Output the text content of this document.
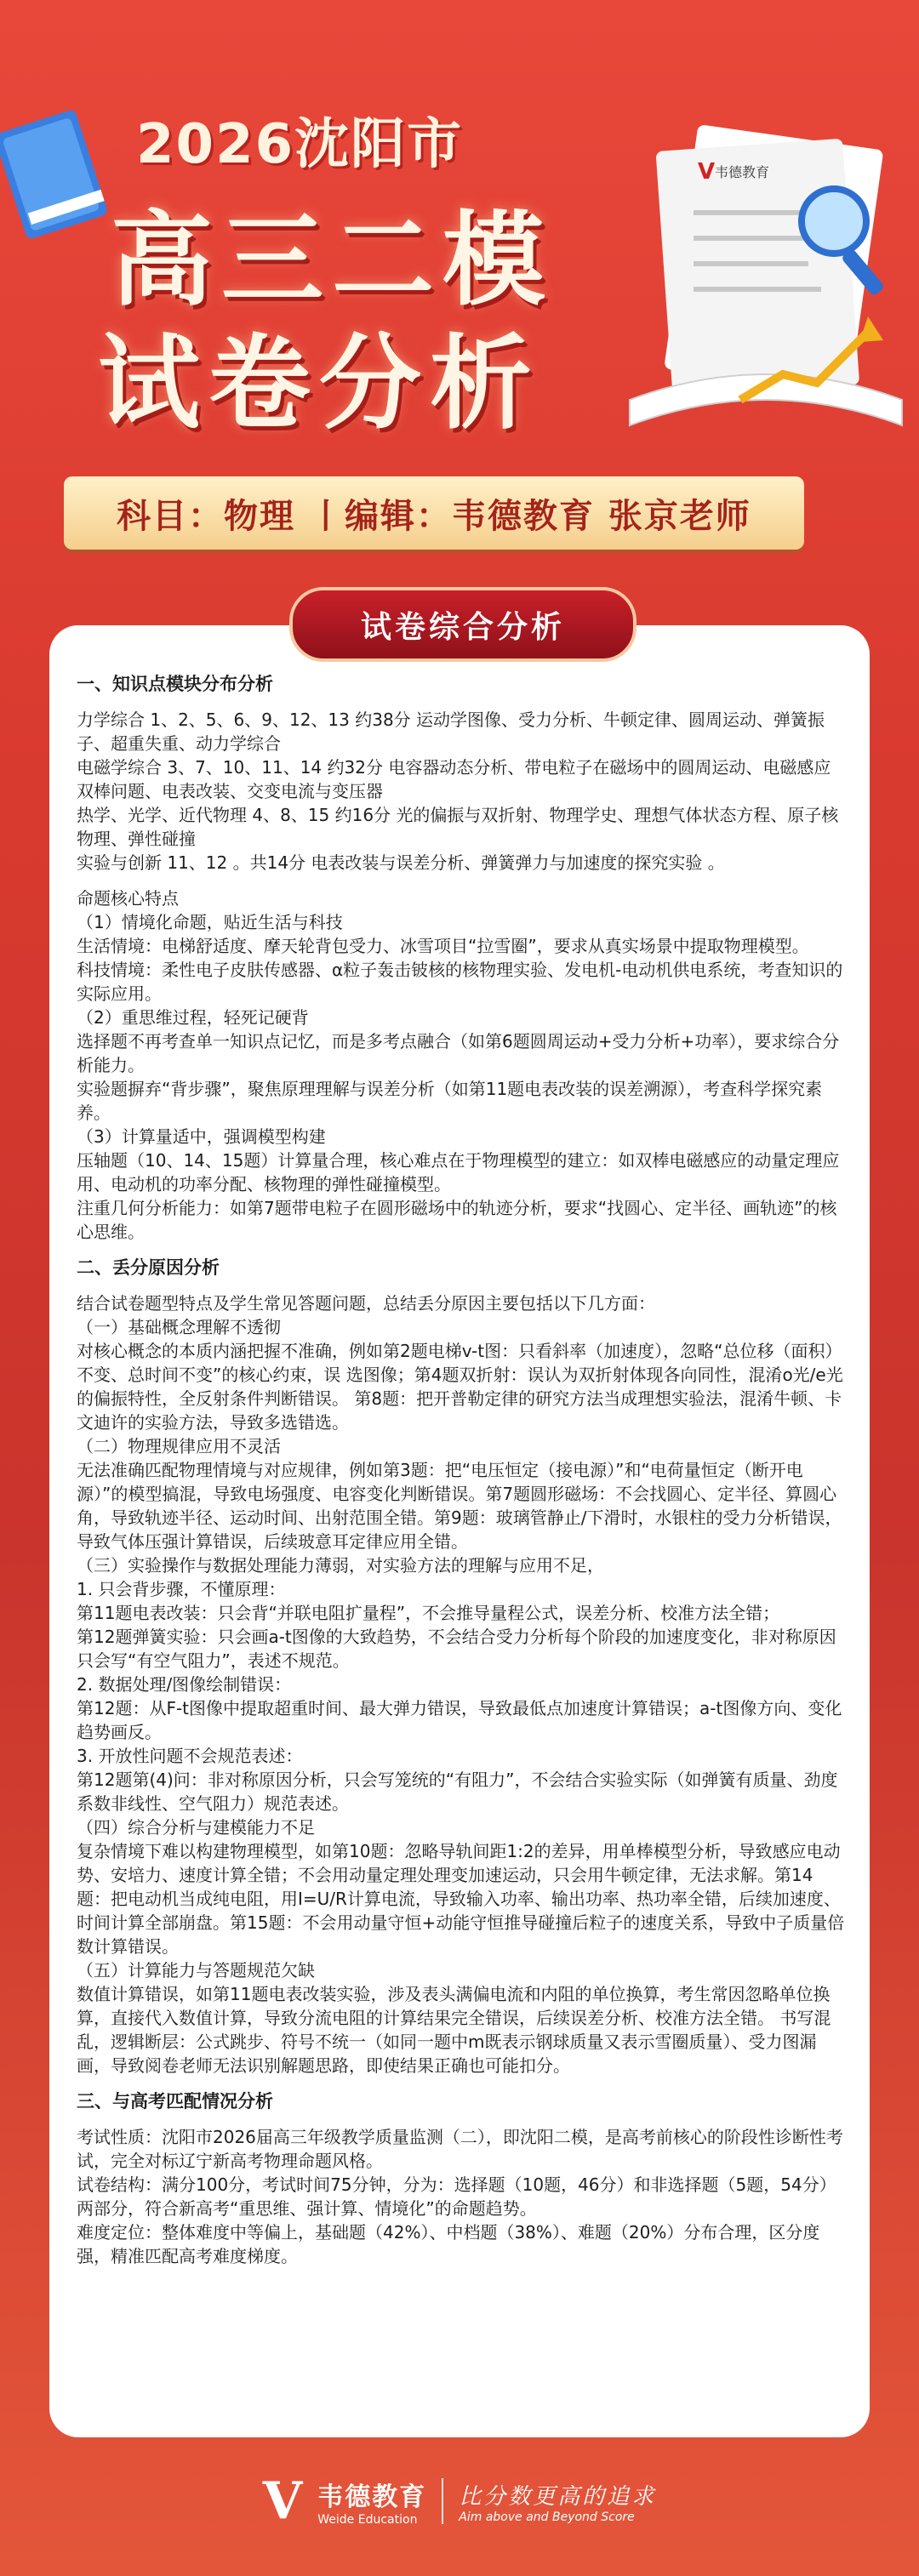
2026沈阳市
高三二模
试卷分析
V 韦德教育
科目：物理 丨编辑：韦德教育 张京老师
试卷综合分析
一、知识点模块分布分析
力学综合 1、2、5、6、9、12、13 约38分 运动学图像、受力分析、牛顿定律、圆周运动、弹簧振子、超重失重、动力学综合
电磁学综合 3、7、10、11、14 约32分 电容器动态分析、带电粒子在磁场中的圆周运动、电磁感应双棒问题、电表改装、交变电流与变压器
热学、光学、近代物理 4、8、15 约16分 光的偏振与双折射、物理学史、理想气体状态方程、原子核物理、弹性碰撞
实验与创新 11、12 。共14分 电表改装与误差分析、弹簧弹力与加速度的探究实验 。
命题核心特点
（1）情境化命题，贴近生活与科技
生活情境：电梯舒适度、摩天轮背包受力、冰雪项目“拉雪圈”，要求从真实场景中提取物理模型。
科技情境：柔性电子皮肤传感器、α粒子轰击铍核的核物理实验、发电机-电动机供电系统，考查知识的实际应用。
（2）重思维过程，轻死记硬背
选择题不再考查单一知识点记忆，而是多考点融合（如第6题圆周运动+受力分析+功率），要求综合分析能力。
实验题摒弃“背步骤”，聚焦原理理解与误差分析（如第11题电表改装的误差溯源），考查科学探究素养。
（3）计算量适中，强调模型构建
压轴题（10、14、15题）计算量合理，核心难点在于物理模型的建立：如双棒电磁感应的动量定理应用、电动机的功率分配、核物理的弹性碰撞模型。
注重几何分析能力：如第7题带电粒子在圆形磁场中的轨迹分析，要求“找圆心、定半径、画轨迹”的核心思维。
二、丢分原因分析
结合试卷题型特点及学生常见答题问题，总结丢分原因主要包括以下几方面：
（一）基础概念理解不透彻
对核心概念的本质内涵把握不准确，例如第2题电梯v-t图：只看斜率（加速度），忽略“总位移（面积）不变、总时间不变”的核心约束，误 选图像；第4题双折射：误认为双折射体现各向同性，混淆o光/e光的偏振特性，全反射条件判断错误。 第8题：把开普勒定律的研究方法当成理想实验法，混淆牛顿、卡文迪许的实验方法，导致多选错选。
（二）物理规律应用不灵活
无法准确匹配物理情境与对应规律，例如第3题：把“电压恒定（接电源）”和“电荷量恒定（断开电源）”的模型搞混，导致电场强度、电容变化判断错误。第7题圆形磁场：不会找圆心、定半径、算圆心角，导致轨迹半径、运动时间、出射范围全错。第9题：玻璃管静止/下滑时，水银柱的受力分析错误，导致气体压强计算错误，后续玻意耳定律应用全错。
（三）实验操作与数据处理能力薄弱，对实验方法的理解与应用不足，
1. 只会背步骤，不懂原理：
第11题电表改装：只会背“并联电阻扩量程”，不会推导量程公式，误差分析、校准方法全错；
第12题弹簧实验：只会画a-t图像的大致趋势，不会结合受力分析每个阶段的加速度变化，非对称原因只会写“有空气阻力”，表述不规范。
2. 数据处理/图像绘制错误：
第12题：从F-t图像中提取超重时间、最大弹力错误，导致最低点加速度计算错误；a-t图像方向、变化趋势画反。
3. 开放性问题不会规范表述：
第12题第(4)问：非对称原因分析，只会写笼统的“有阻力”，不会结合实验实际（如弹簧有质量、劲度系数非线性、空气阻力）规范表述。
（四）综合分析与建模能力不足
复杂情境下难以构建物理模型，如第10题：忽略导轨间距1:2的差异，用单棒模型分析，导致感应电动势、安培力、速度计算全错；不会用动量定理处理变加速运动，只会用牛顿定律，无法求解。第14题：把电动机当成纯电阻，用I=U/R计算电流，导致输入功率、输出功率、热功率全错，后续加速度、时间计算全部崩盘。第15题：不会用动量守恒+动能守恒推导碰撞后粒子的速度关系，导致中子质量倍数计算错误。
（五）计算能力与答题规范欠缺
数值计算错误，如第11题电表改装实验，涉及表头满偏电流和内阻的单位换算，考生常因忽略单位换算，直接代入数值计算，导致分流电阻的计算结果完全错误，后续误差分析、校准方法全错。 书写混乱，逻辑断层：公式跳步、符号不统一（如同一题中m既表示钢球质量又表示雪圈质量）、受力图漏画，导致阅卷老师无法识别解题思路，即使结果正确也可能扣分。
三、与高考匹配情况分析
考试性质：沈阳市2026届高三年级教学质量监测（二），即沈阳二模，是高考前核心的阶段性诊断性考试，完全对标辽宁新高考物理命题风格。
试卷结构：满分100分，考试时间75分钟，分为：选择题（10题，46分）和非选择题（5题，54分）两部分，符合新高考“重思维、强计算、情境化”的命题趋势。
难度定位：整体难度中等偏上，基础题（42%）、中档题（38%）、难题（20%）分布合理，区分度强，精准匹配高考难度梯度。
V 韦德教育
Weide Education
比分数更高的追求
Aim above and Beyond Score
